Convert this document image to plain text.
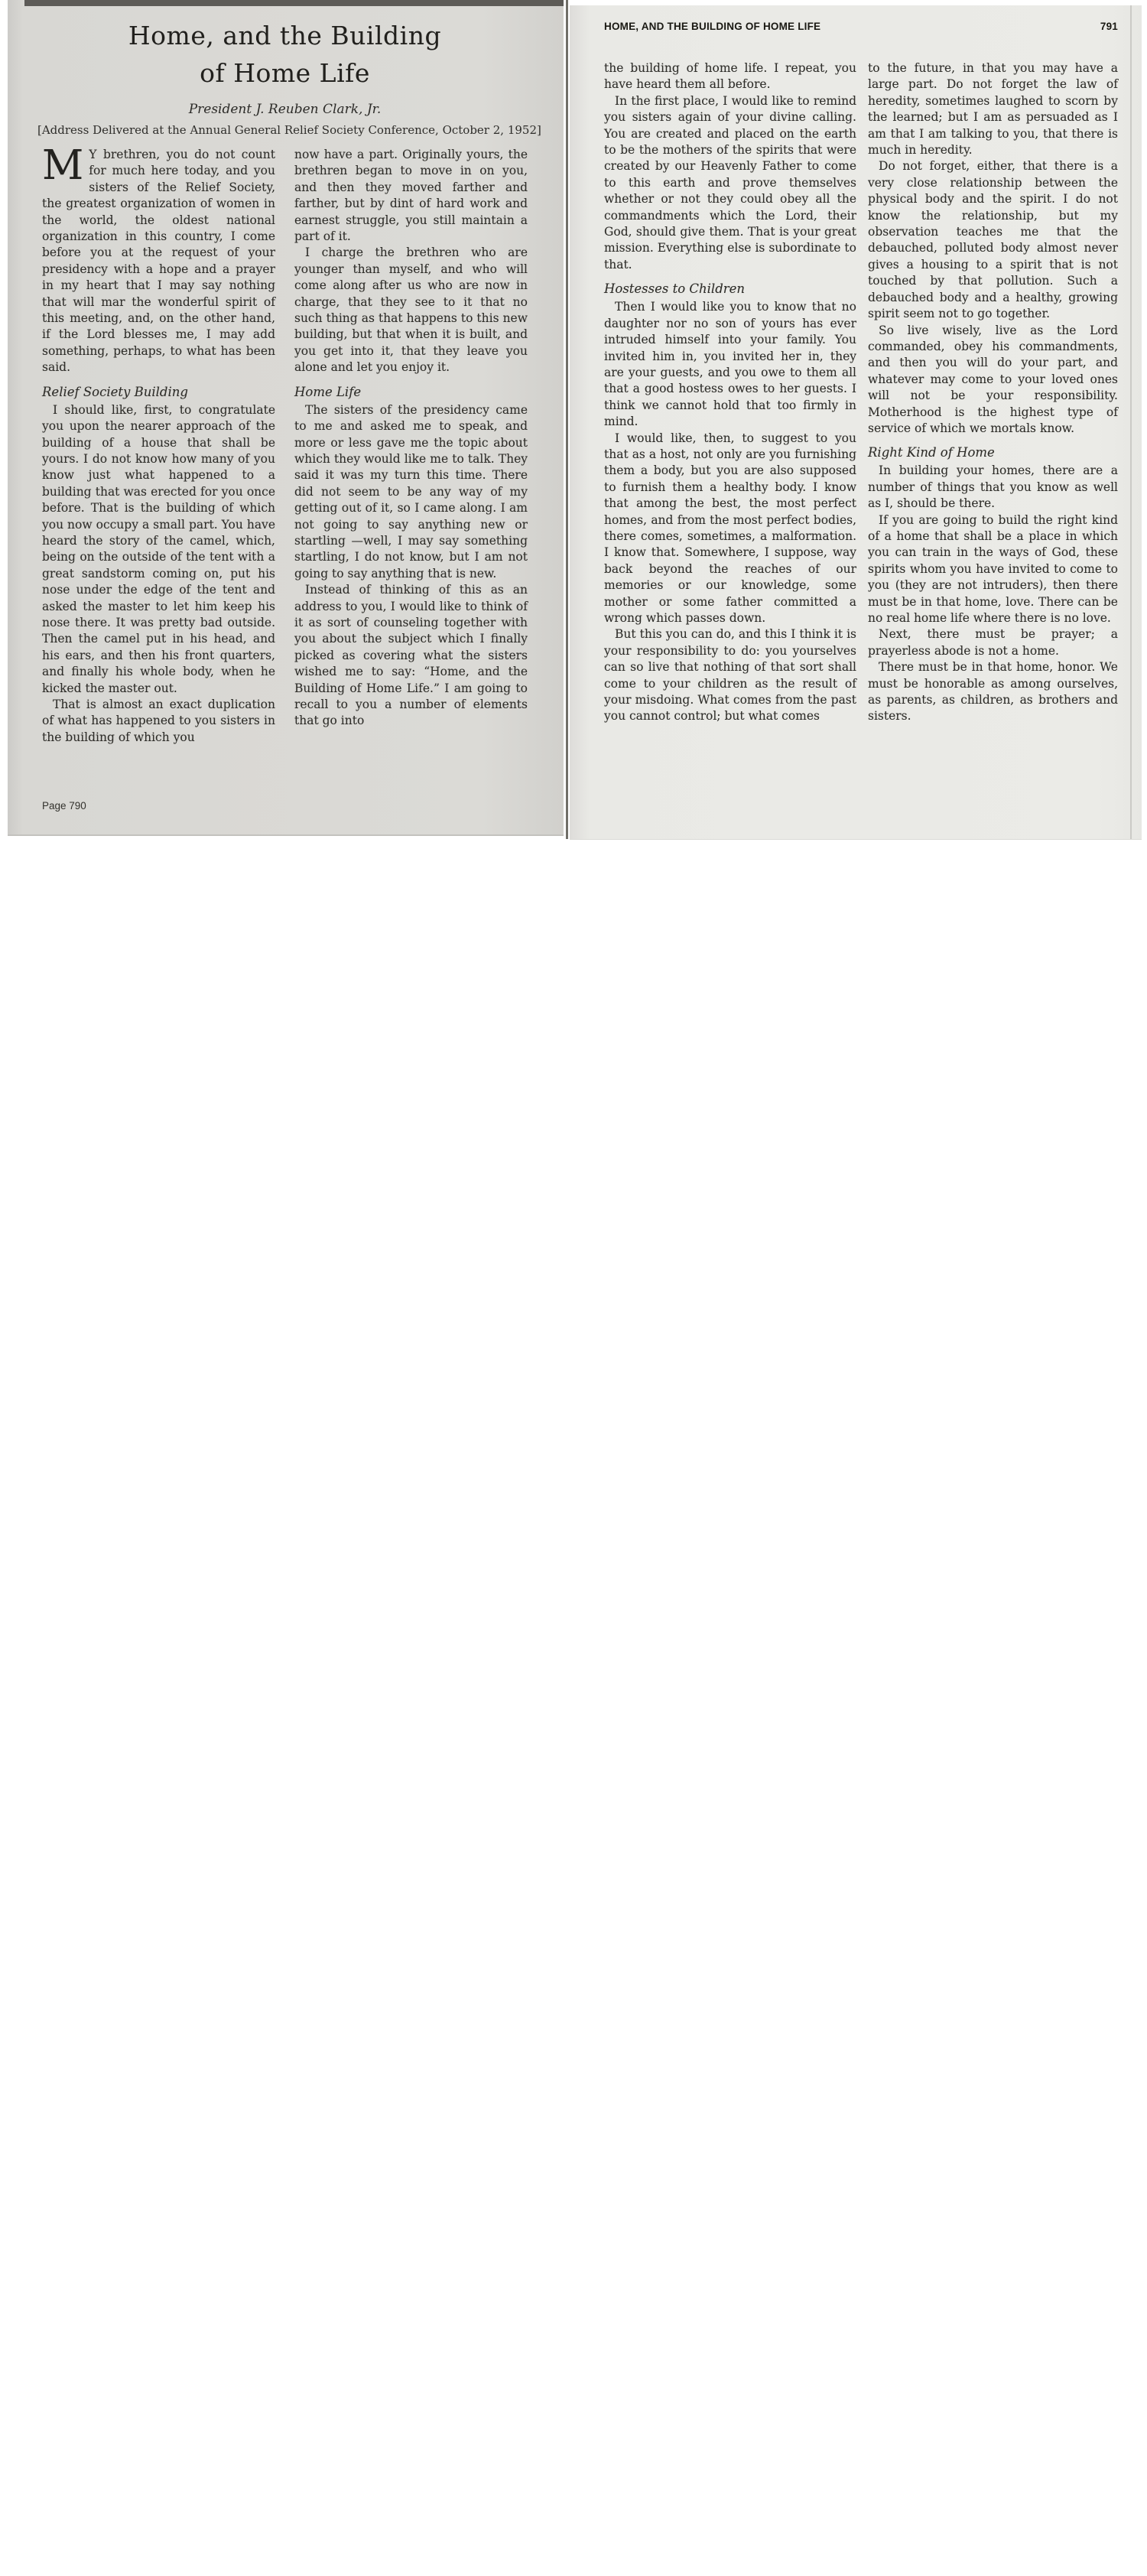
Home, and the Building
of Home Life
President J. Reuben Clark, Jr.
[Address Delivered at the Annual General Relief Society Conference, October 2, 1952]

M Y brethren, you do not count for much here today, and you sisters of the Relief Society, the greatest organization of women in the world, the oldest national organization in this country, I come before you at the request of your presidency with a hope and a prayer in my heart that I may say nothing that will mar the wonderful spirit of this meeting, and, on the other hand, if the Lord blesses me, I may add something, perhaps, to what has been said.

Relief Society Building

I should like, first, to congratulate you upon the nearer approach of the building of a house that shall be yours. I do not know how many of you know just what happened to a building that was erected for you once before. That is the building of which you now occupy a small part. You have heard the story of the camel, which, being on the outside of the tent with a great sandstorm coming on, put his nose under the edge of the tent and asked the master to let him keep his nose there. It was pretty bad outside. Then the camel put in his head, and his ears, and then his front quarters, and finally his whole body, when he kicked the master out.

That is almost an exact duplication of what has happened to you sisters in the building of which you

now have a part. Originally yours, the brethren began to move in on you, and then they moved farther and farther, but by dint of hard work and earnest struggle, you still maintain a part of it.

I charge the brethren who are younger than myself, and who will come along after us who are now in charge, that they see to it that no such thing as that happens to this new building, but that when it is built, and you get into it, that they leave you alone and let you enjoy it.

Home Life

The sisters of the presidency came to me and asked me to speak, and more or less gave me the topic about which they would like me to talk. They said it was my turn this time. There did not seem to be any way of my getting out of it, so I came along. I am not going to say anything new or startling —well, I may say something startling, I do not know, but I am not going to say anything that is new.

Instead of thinking of this as an address to you, I would like to think of it as sort of counseling together with you about the subject which I finally picked as covering what the sisters wished me to say: “Home, and the Building of Home Life.” I am going to recall to you a number of elements that go into

Page 790
HOME, AND THE BUILDING OF HOME LIFE	791

the building of home life. I repeat, you have heard them all before.

In the first place, I would like to remind you sisters again of your divine calling. You are created and placed on the earth to be the mothers of the spirits that were created by our Heavenly Father to come to this earth and prove themselves whether or not they could obey all the commandments which the Lord, their God, should give them. That is your great mission. Everything else is subordinate to that.

Hostesses to Children

Then I would like you to know that no daughter nor no son of yours has ever intruded himself into your family. You invited him in, you invited her in, they are your guests, and you owe to them all that a good hostess owes to her guests. I think we cannot hold that too firmly in mind.

I would like, then, to suggest to you that as a host, not only are you furnishing them a body, but you are also supposed to furnish them a healthy body. I know that among the best, the most perfect homes, and from the most perfect bodies, there comes, sometimes, a malformation. I know that. Somewhere, I suppose, way back beyond the reaches of our memories or our knowledge, some mother or some father committed a wrong which passes down.

But this you can do, and this I think it is your responsibility to do: you yourselves can so live that nothing of that sort shall come to your children as the result of your misdoing. What comes from the past you cannot control; but what comes

to the future, in that you may have a large part. Do not forget the law of heredity, sometimes laughed to scorn by the learned; but I am as persuaded as I am that I am talking to you, that there is much in heredity.

Do not forget, either, that there is a very close relationship between the physical body and the spirit. I do not know the relationship, but my observation teaches me that the debauched, polluted body almost never gives a housing to a spirit that is not touched by that pollution. Such a debauched body and a healthy, growing spirit seem not to go together.

So live wisely, live as the Lord commanded, obey his commandments, and then you will do your part, and whatever may come to your loved ones will not be your responsibility. Motherhood is the highest type of service of which we mortals know.

Right Kind of Home

In building your homes, there are a number of things that you know as well as I, should be there.

If you are going to build the right kind of a home that shall be a place in which you can train in the ways of God, these spirits whom you have invited to come to you (they are not intruders), then there must be in that home, love. There can be no real home life where there is no love.

Next, there must be prayer; a prayerless abode is not a home.

There must be in that home, honor. We must be honorable as among ourselves, as parents, as children, as brothers and sisters.
